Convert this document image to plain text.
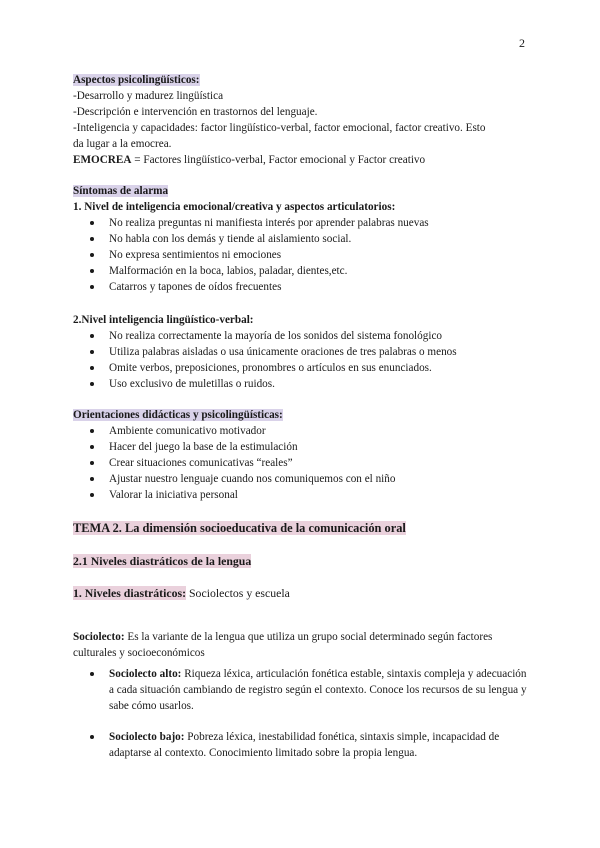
2

Aspectos psicolingüísticos:

-Desarrollo y madurez lingüística

-Descripción e intervención en trastornos del lenguaje.

-Inteligencia y capacidades: factor lingüístico-verbal, factor emocional, factor creativo. Esto

da lugar a la emocrea.

EMOCREA = Factores lingüístico-verbal, Factor emocional y Factor creativo

Síntomas de alarma

1. Nivel de inteligencia emocional/creativa y aspectos articulatorios:

No realiza preguntas ni manifiesta interés por aprender palabras nuevas
No habla con los demás y tiende al aislamiento social.
No expresa sentimientos ni emociones
Malformación en la boca, labios, paladar, dientes,etc.
Catarros y tapones de oídos frecuentes

2.Nivel inteligencia lingüístico-verbal:

No realiza correctamente la mayoría de los sonidos del sistema fonológico
Utiliza palabras aisladas o usa únicamente oraciones de tres palabras o menos
Omite verbos, preposiciones, pronombres o artículos en sus enunciados.
Uso exclusivo de muletillas o ruidos.

Orientaciones didácticas y psicolingüísticas:

Ambiente comunicativo motivador
Hacer del juego la base de la estimulación
Crear situaciones comunicativas “reales”
Ajustar nuestro lenguaje cuando nos comuniquemos con el niño
Valorar la iniciativa personal

TEMA 2. La dimensión socioeducativa de la comunicación oral

2.1 Niveles diastráticos de la lengua

1. Niveles diastráticos: Sociolectos y escuela

Sociolecto: Es la variante de la lengua que utiliza un grupo social determinado según factores culturales y socioeconómicos

Sociolecto alto: Riqueza léxica, articulación fonética estable, sintaxis compleja y adecuación a cada situación cambiando de registro según el contexto. Conoce los recursos de su lengua y sabe cómo usarlos.
Sociolecto bajo: Pobreza léxica, inestabilidad fonética, sintaxis simple, incapacidad de adaptarse al contexto. Conocimiento limitado sobre la propia lengua.
